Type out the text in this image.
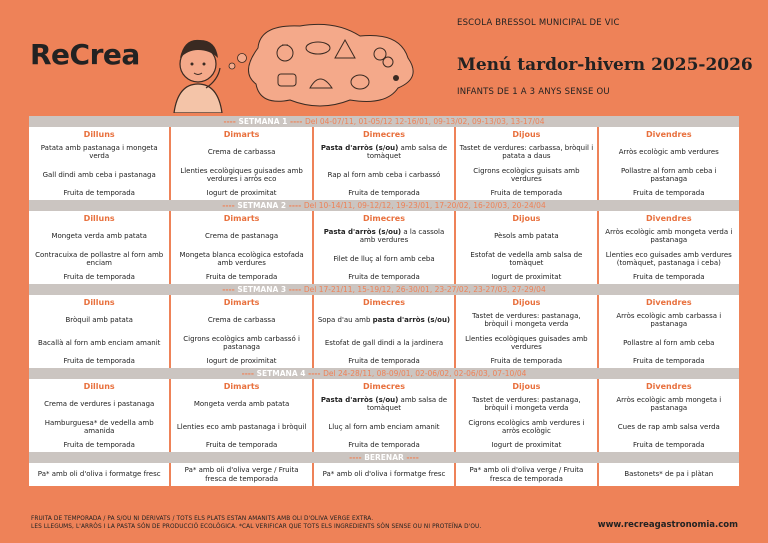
ReCrea
ESCOLA BRESSOL MUNICIPAL DE VIC
Menú tardor-hivern 2025-2026
INFANTS DE 1 A 3 ANYS SENSE OU
---- SETMANA 1 ---- Del 04-07/11, 01-05/12 12-16/01, 09-13/02, 09-13/03, 13-17/04
Dilluns
Patata amb pastanaga i mongeta verda
Gall dindi amb ceba i pastanaga
Fruita de temporada
Dimarts
Crema de carbassa
Llenties ecològiques guisades amb verdures i arròs eco
Iogurt de proximitat
Dimecres
Pasta d'arròs (s/ou) amb salsa de tomàquet
Rap al forn amb ceba i carbassó
Fruita de temporada
Dijous
Tastet de verdures: carbassa, bròquil i patata a daus
Cigrons ecològics guisats amb verdures
Fruita de temporada
Divendres
Arròs ecològic amb verdures
Pollastre al forn amb ceba i pastanaga
Fruita de temporada
---- SETMANA 2 ---- Del 10-14/11, 09-12/12, 19-23/01, 17-20/02, 16-20/03, 20-24/04
Dilluns
Mongeta verda amb patata
Contracuixa de pollastre al forn amb enciam
Fruita de temporada
Dimarts
Crema de pastanaga
Mongeta blanca ecològica estofada amb verdures
Fruita de temporada
Dimecres
Pasta d'arròs (s/ou) a la cassola amb verdures
Filet de lluç al forn amb ceba
Fruita de temporada
Dijous
Pèsols amb patata
Estofat de vedella amb salsa de tomàquet
Iogurt de proximitat
Divendres
Arròs ecològic amb mongeta verda i pastanaga
Llenties eco guisades amb verdures (tomàquet, pastanaga i ceba)
Fruita de temporada
---- SETMANA 3 ---- Del 17-21/11, 15-19/12, 26-30/01, 23-27/02, 23-27/03, 27-29/04
Dilluns
Bròquil amb patata
Bacallà al forn amb enciam amanit
Fruita de temporada
Dimarts
Crema de carbassa
Cigrons ecològics amb carbassó i pastanaga
Iogurt de proximitat
Dimecres
Sopa d'au amb pasta d'arròs (s/ou)
Estofat de gall dindi a la jardinera
Fruita de temporada
Dijous
Tastet de verdures: pastanaga, bròquil i mongeta verda
Llenties ecològiques guisades amb verdures
Fruita de temporada
Divendres
Arròs ecològic amb carbassa i pastanaga
Pollastre al forn amb ceba
Fruita de temporada
---- SETMANA 4 ---- Del 24-28/11, 08-09/01, 02-06/02, 02-06/03, 07-10/04
Dilluns
Crema de verdures i pastanaga
Hamburguesa* de vedella amb amanida
Fruita de temporada
Dimarts
Mongeta verda amb patata
Llenties eco amb pastanaga i bròquil
Fruita de temporada
Dimecres
Pasta d'arròs (s/ou) amb salsa de tomàquet
Lluç al forn amb enciam amanit
Fruita de temporada
Dijous
Tastet de verdures: pastanaga, bròquil i mongeta verda
Cigrons ecològics amb verdures i arròs ecològic
Iogurt de proximitat
Divendres
Arròs ecològic amb mongeta i pastanaga
Cues de rap amb salsa verda
Fruita de temporada
---- BERENAR ----
Pa* amb oli d'oliva i formatge fresc
Pa* amb oli d'oliva verge / Fruita fresca de temporada
Pa* amb oli d'oliva i formatge fresc
Pa* amb oli d'oliva verge / Fruita fresca de temporada
Bastonets* de pa i plàtan
FRUITA DE TEMPORADA / PA S/OU NI DERIVATS / TOTS ELS PLATS ESTAN AMANITS AMB OLI D'OLIVA VERGE EXTRA.
LES LLEGUMS, L'ARRÒS I LA PASTA SÓN DE PRODUCCIÓ ECOLÒGICA. *CAL VERIFICAR QUE TOTS ELS INGREDIENTS SÓN SENSE OU NI PROTEÏNA D'OU.	www.recreagastronomia.com
